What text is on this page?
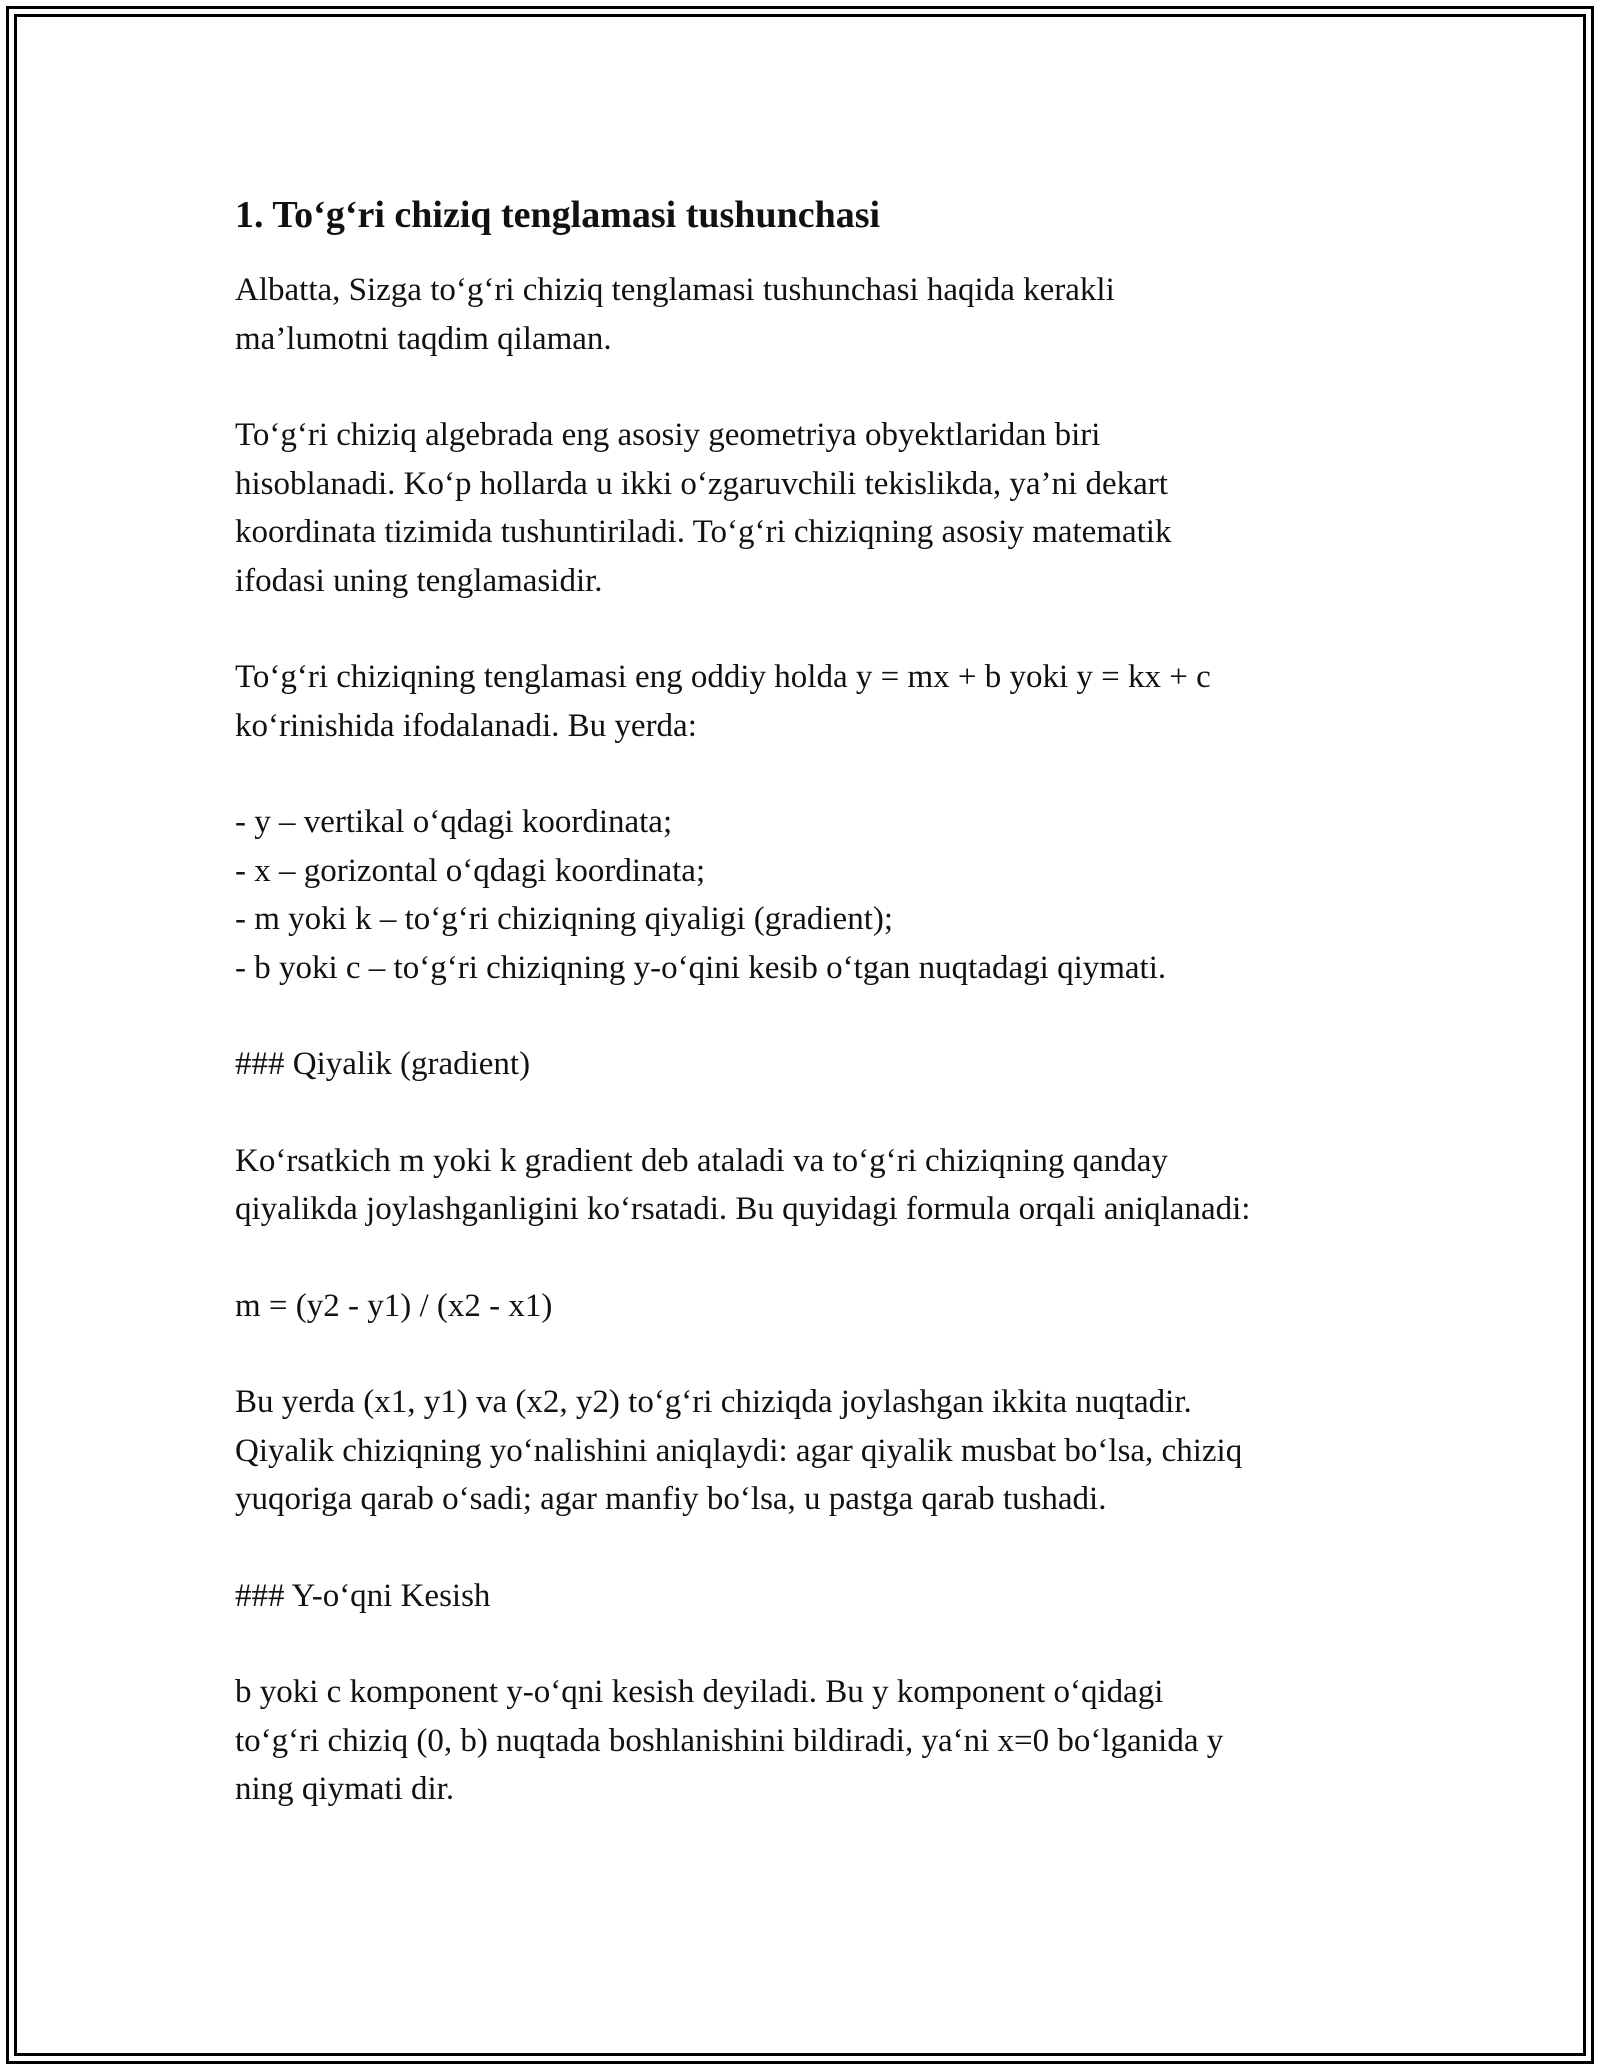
1. To‘g‘ri chiziq tenglamasi tushunchasi

Albatta, Sizga to‘g‘ri chiziq tenglamasi tushunchasi haqida kerakli
ma’lumotni taqdim qilaman.

To‘g‘ri chiziq algebrada eng asosiy geometriya obyektlaridan biri
hisoblanadi. Ko‘p hollarda u ikki o‘zgaruvchili tekislikda, ya’ni dekart
koordinata tizimida tushuntiriladi. To‘g‘ri chiziqning asosiy matematik
ifodasi uning tenglamasidir.

To‘g‘ri chiziqning tenglamasi eng oddiy holda y = mx + b yoki y = kx + c
ko‘rinishida ifodalanadi. Bu yerda:

- y – vertikal o‘qdagi koordinata;
- x – gorizontal o‘qdagi koordinata;
- m yoki k – to‘g‘ri chiziqning qiyaligi (gradient);
- b yoki c – to‘g‘ri chiziqning y-o‘qini kesib o‘tgan nuqtadagi qiymati.

### Qiyalik (gradient)

Ko‘rsatkich m yoki k gradient deb ataladi va to‘g‘ri chiziqning qanday
qiyalikda joylashganligini ko‘rsatadi. Bu quyidagi formula orqali aniqlanadi:

m = (y2 - y1) / (x2 - x1)

Bu yerda (x1, y1) va (x2, y2) to‘g‘ri chiziqda joylashgan ikkita nuqtadir.
Qiyalik chiziqning yo‘nalishini aniqlaydi: agar qiyalik musbat bo‘lsa, chiziq
yuqoriga qarab o‘sadi; agar manfiy bo‘lsa, u pastga qarab tushadi.

### Y-o‘qni Kesish

b yoki c komponent y-o‘qni kesish deyiladi. Bu y komponent o‘qidagi
to‘g‘ri chiziq (0, b) nuqtada boshlanishini bildiradi, ya‘ni x=0 bo‘lganida y
ning qiymati dir.
